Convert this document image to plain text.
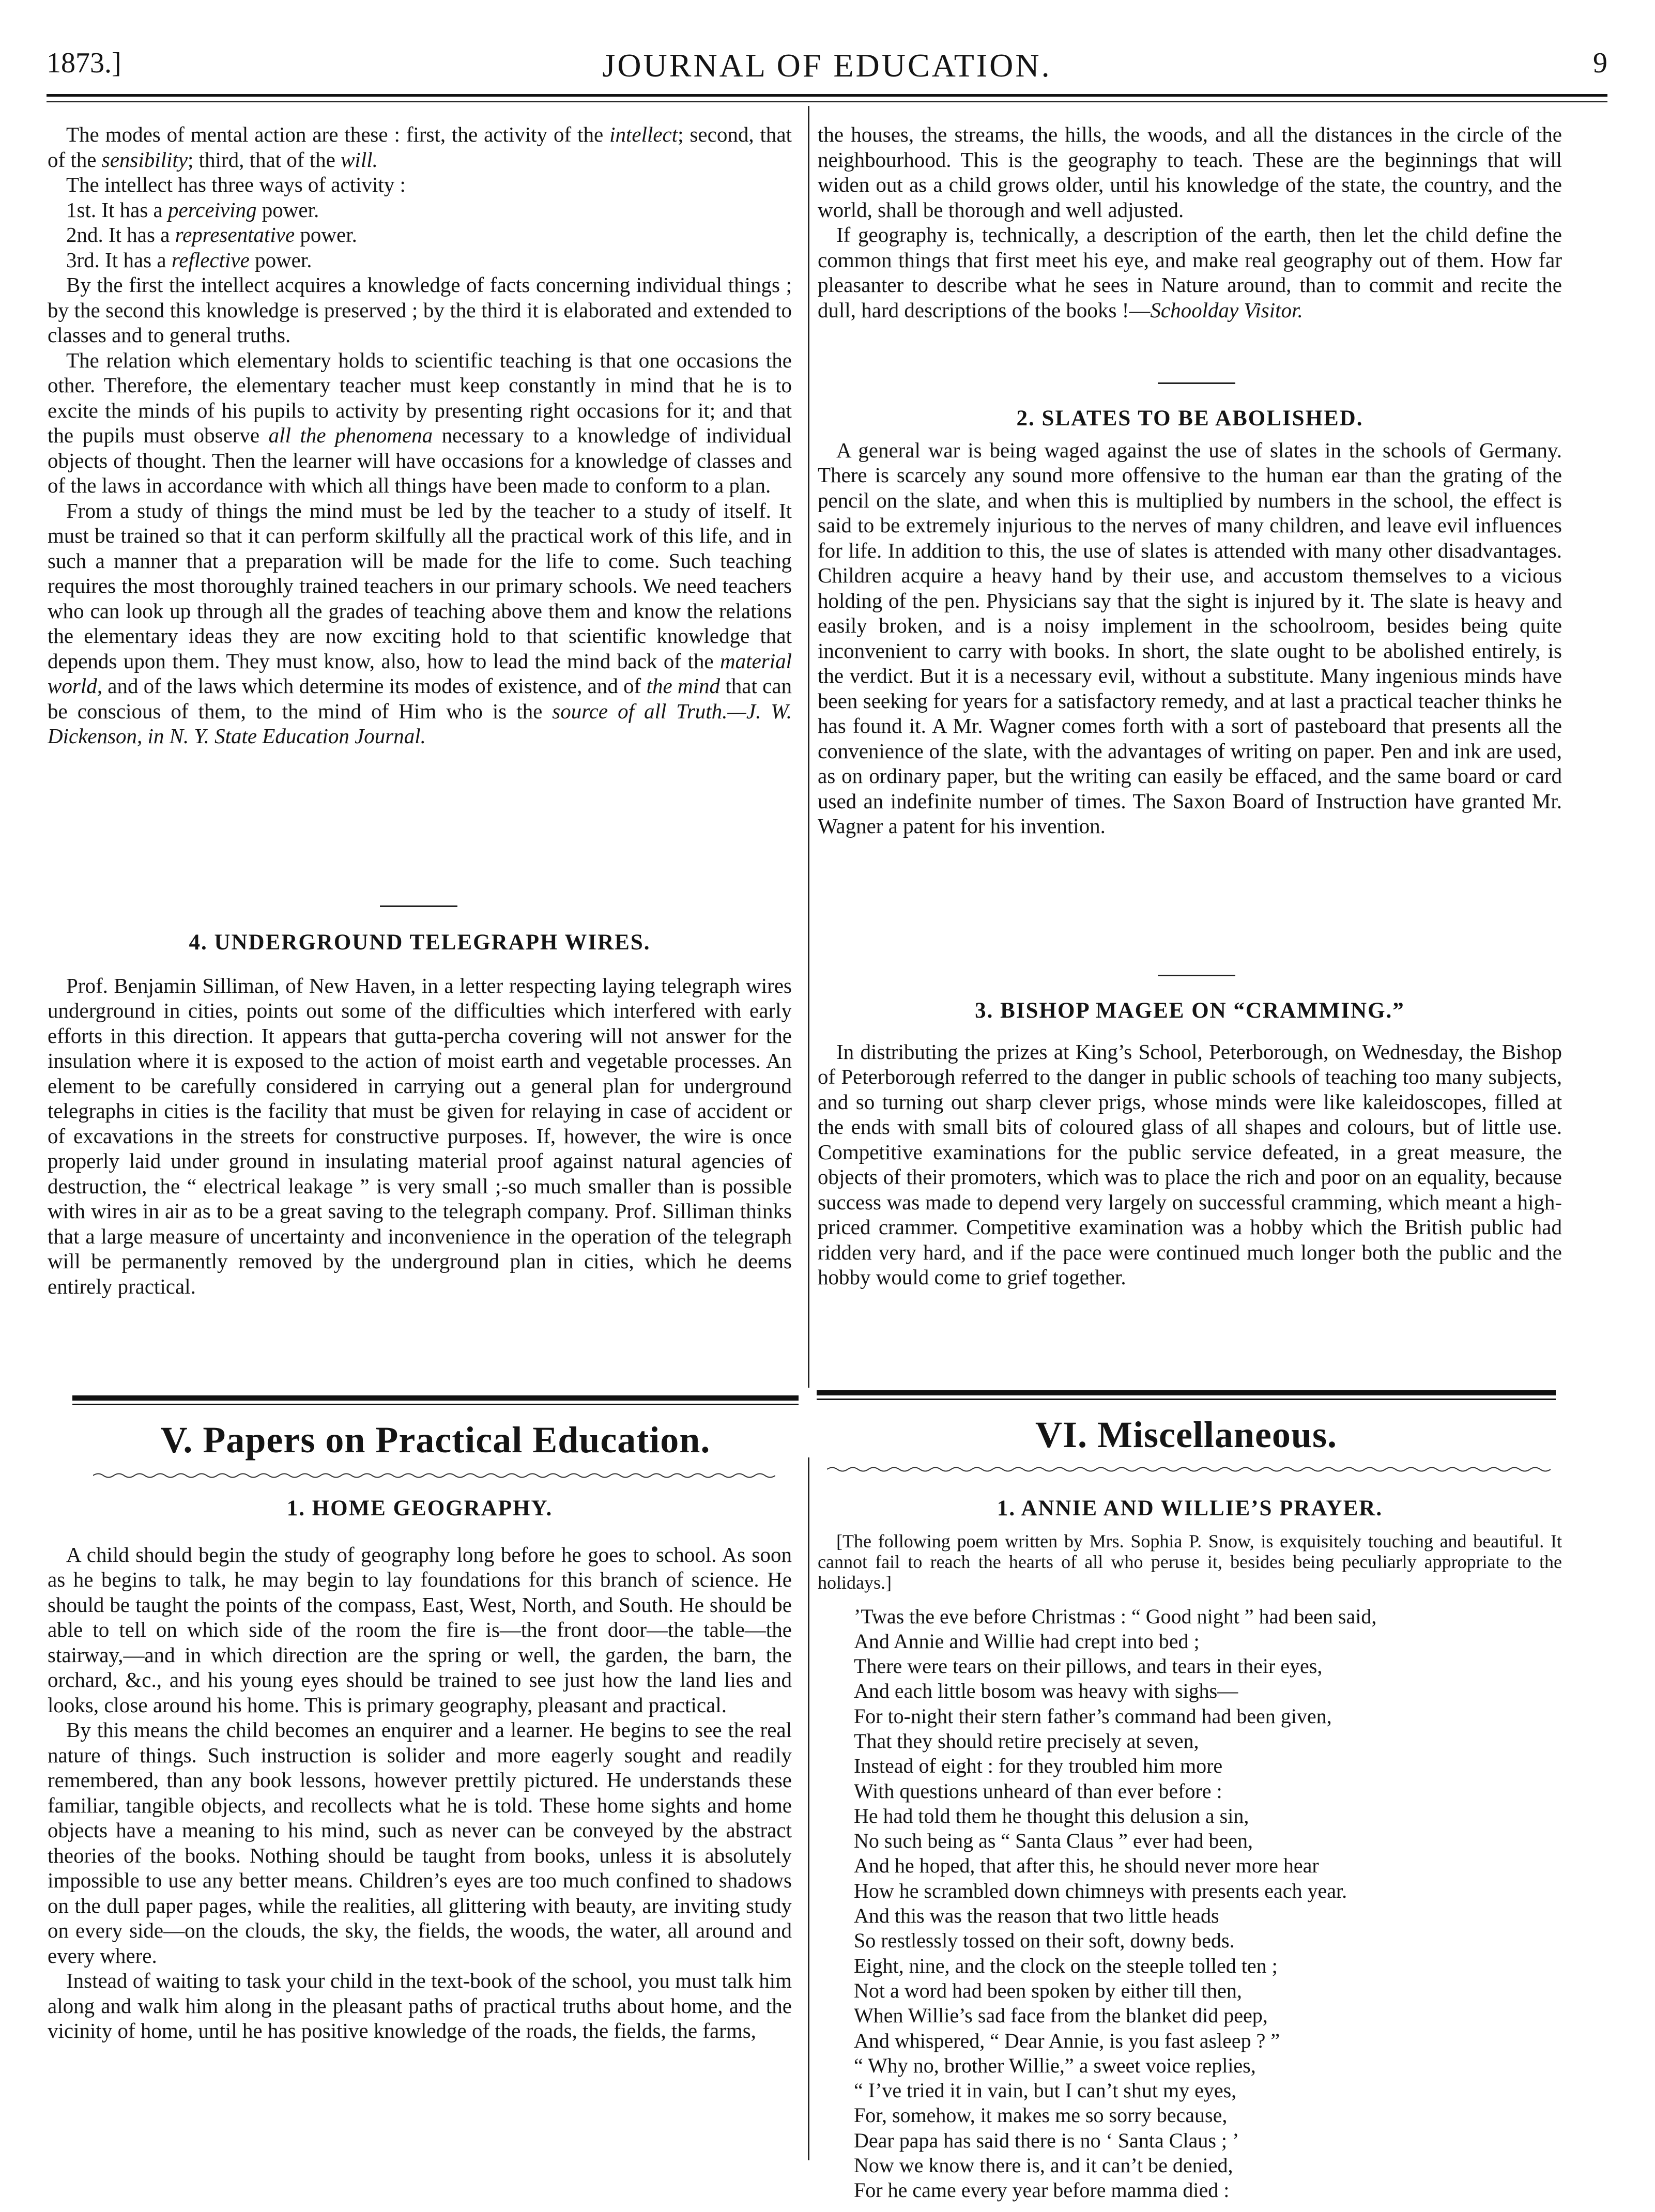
1873.]	JOURNAL OF EDUCATION.	9

The modes of mental action are these : first, the activity of the intellect; second, that of the sensibility; third, that of the will.

The intellect has three ways of activity :

1st. It has a perceiving power.

2nd. It has a representative power.

3rd. It has a reflective power.

By the first the intellect acquires a knowledge of facts concerning individual things ; by the second this knowledge is preserved ; by the third it is elaborated and extended to classes and to general truths.

The relation which elementary holds to scientific teaching is that one occasions the other. Therefore, the elementary teacher must keep constantly in mind that he is to excite the minds of his pupils to activity by presenting right occasions for it; and that the pupils must observe all the phenomena necessary to a knowledge of individual objects of thought. Then the learner will have occasions for a knowledge of classes and of the laws in accordance with which all things have been made to conform to a plan.

From a study of things the mind must be led by the teacher to a study of itself. It must be trained so that it can perform skilfully all the practical work of this life, and in such a manner that a preparation will be made for the life to come. Such teaching requires the most thoroughly trained teachers in our primary schools. We need teachers who can look up through all the grades of teaching above them and know the relations the elementary ideas they are now exciting hold to that scientific knowledge that depends upon them. They must know, also, how to lead the mind back of the material world, and of the laws which determine its modes of existence, and of the mind that can be conscious of them, to the mind of Him who is the source of all Truth.—J. W. Dickenson, in N. Y. State Education Journal.

4. UNDERGROUND TELEGRAPH WIRES.

Prof. Benjamin Silliman, of New Haven, in a letter respecting laying telegraph wires underground in cities, points out some of the difficulties which interfered with early efforts in this direction. It appears that gutta-percha covering will not answer for the insulation where it is exposed to the action of moist earth and vegetable processes. An element to be carefully considered in carrying out a general plan for underground telegraphs in cities is the facility that must be given for relaying in case of accident or of excavations in the streets for constructive purposes. If, however, the wire is once properly laid under ground in insulating material proof against natural agencies of destruction, the “ electrical leakage ” is very small ;-so much smaller than is possible with wires in air as to be a great saving to the telegraph company. Prof. Silliman thinks that a large measure of uncertainty and inconvenience in the operation of the telegraph will be permanently removed by the underground plan in cities, which he deems entirely practical.

the houses, the streams, the hills, the woods, and all the distances in the circle of the neighbourhood. This is the geography to teach. These are the beginnings that will widen out as a child grows older, until his knowledge of the state, the country, and the world, shall be thorough and well adjusted.

If geography is, technically, a description of the earth, then let the child define the common things that first meet his eye, and make real geography out of them. How far pleasanter to describe what he sees in Nature around, than to commit and recite the dull, hard descriptions of the books !—Schoolday Visitor.

2. SLATES TO BE ABOLISHED.

A general war is being waged against the use of slates in the schools of Germany. There is scarcely any sound more offensive to the human ear than the grating of the pencil on the slate, and when this is multiplied by numbers in the school, the effect is said to be extremely injurious to the nerves of many children, and leave evil influences for life. In addition to this, the use of slates is attended with many other disadvantages. Children acquire a heavy hand by their use, and accustom themselves to a vicious holding of the pen. Physicians say that the sight is injured by it. The slate is heavy and easily broken, and is a noisy implement in the schoolroom, besides being quite inconvenient to carry with books. In short, the slate ought to be abolished entirely, is the verdict. But it is a necessary evil, without a substitute. Many ingenious minds have been seeking for years for a satisfactory remedy, and at last a practical teacher thinks he has found it. A Mr. Wagner comes forth with a sort of pasteboard that presents all the convenience of the slate, with the advantages of writing on paper. Pen and ink are used, as on ordinary paper, but the writing can easily be effaced, and the same board or card used an indefinite number of times. The Saxon Board of Instruction have granted Mr. Wagner a patent for his invention.

3. BISHOP MAGEE ON “CRAMMING.”

In distributing the prizes at King’s School, Peterborough, on Wednesday, the Bishop of Peterborough referred to the danger in public schools of teaching too many subjects, and so turning out sharp clever prigs, whose minds were like kaleidoscopes, filled at the ends with small bits of coloured glass of all shapes and colours, but of little use. Competitive examinations for the public service defeated, in a great measure, the objects of their promoters, which was to place the rich and poor on an equality, because success was made to depend very largely on successful cramming, which meant a high-priced crammer. Competitive examination was a hobby which the British public had ridden very hard, and if the pace were continued much longer both the public and the hobby would come to grief together.

V. Papers on Practical Education.	VI. Miscellaneous.
1. HOME GEOGRAPHY.

A child should begin the study of geography long before he goes to school. As soon as he begins to talk, he may begin to lay foundations for this branch of science. He should be taught the points of the compass, East, West, North, and South. He should be able to tell on which side of the room the fire is—the front door—the table—the stairway,—and in which direction are the spring or well, the garden, the barn, the orchard, &c., and his young eyes should be trained to see just how the land lies and looks, close around his home. This is primary geography, pleasant and practical.

By this means the child becomes an enquirer and a learner. He begins to see the real nature of things. Such instruction is solider and more eagerly sought and readily remembered, than any book lessons, however prettily pictured. He understands these familiar, tangible objects, and recollects what he is told. These home sights and home objects have a meaning to his mind, such as never can be conveyed by the abstract theories of the books. Nothing should be taught from books, unless it is absolutely impossible to use any better means. Children’s eyes are too much confined to shadows on the dull paper pages, while the realities, all glittering with beauty, are inviting study on every side—on the clouds, the sky, the fields, the woods, the water, all around and every where.

Instead of waiting to task your child in the text-book of the school, you must talk him along and walk him along in the pleasant paths of practical truths about home, and the vicinity of home, until he has positive knowledge of the roads, the fields, the farms,

1. ANNIE AND WILLIE’S PRAYER.

[The following poem written by Mrs. Sophia P. Snow, is exquisitely touching and beautiful. It cannot fail to reach the hearts of all who peruse it, besides being peculiarly appropriate to the holidays.]

’Twas the eve before Christmas : “ Good night ” had been said,
And Annie and Willie had crept into bed ;
There were tears on their pillows, and tears in their eyes,
And each little bosom was heavy with sighs—
For to-night their stern father’s command had been given,
That they should retire precisely at seven,
Instead of eight : for they troubled him more
With questions unheard of than ever before :
He had told them he thought this delusion a sin,
No such being as “ Santa Claus ” ever had been,
And he hoped, that after this, he should never more hear
How he scrambled down chimneys with presents each year.
And this was the reason that two little heads
So restlessly tossed on their soft, downy beds.
Eight, nine, and the clock on the steeple tolled ten ;
Not a word had been spoken by either till then,
When Willie’s sad face from the blanket did peep,
And whispered, “ Dear Annie, is you fast asleep ? ”
“ Why no, brother Willie,” a sweet voice replies,
“ I’ve tried it in vain, but I can’t shut my eyes,
For, somehow, it makes me so sorry because,
Dear papa has said there is no ‘ Santa Claus ; ’
Now we know there is, and it can’t be denied,
For he came every year before mamma died :
